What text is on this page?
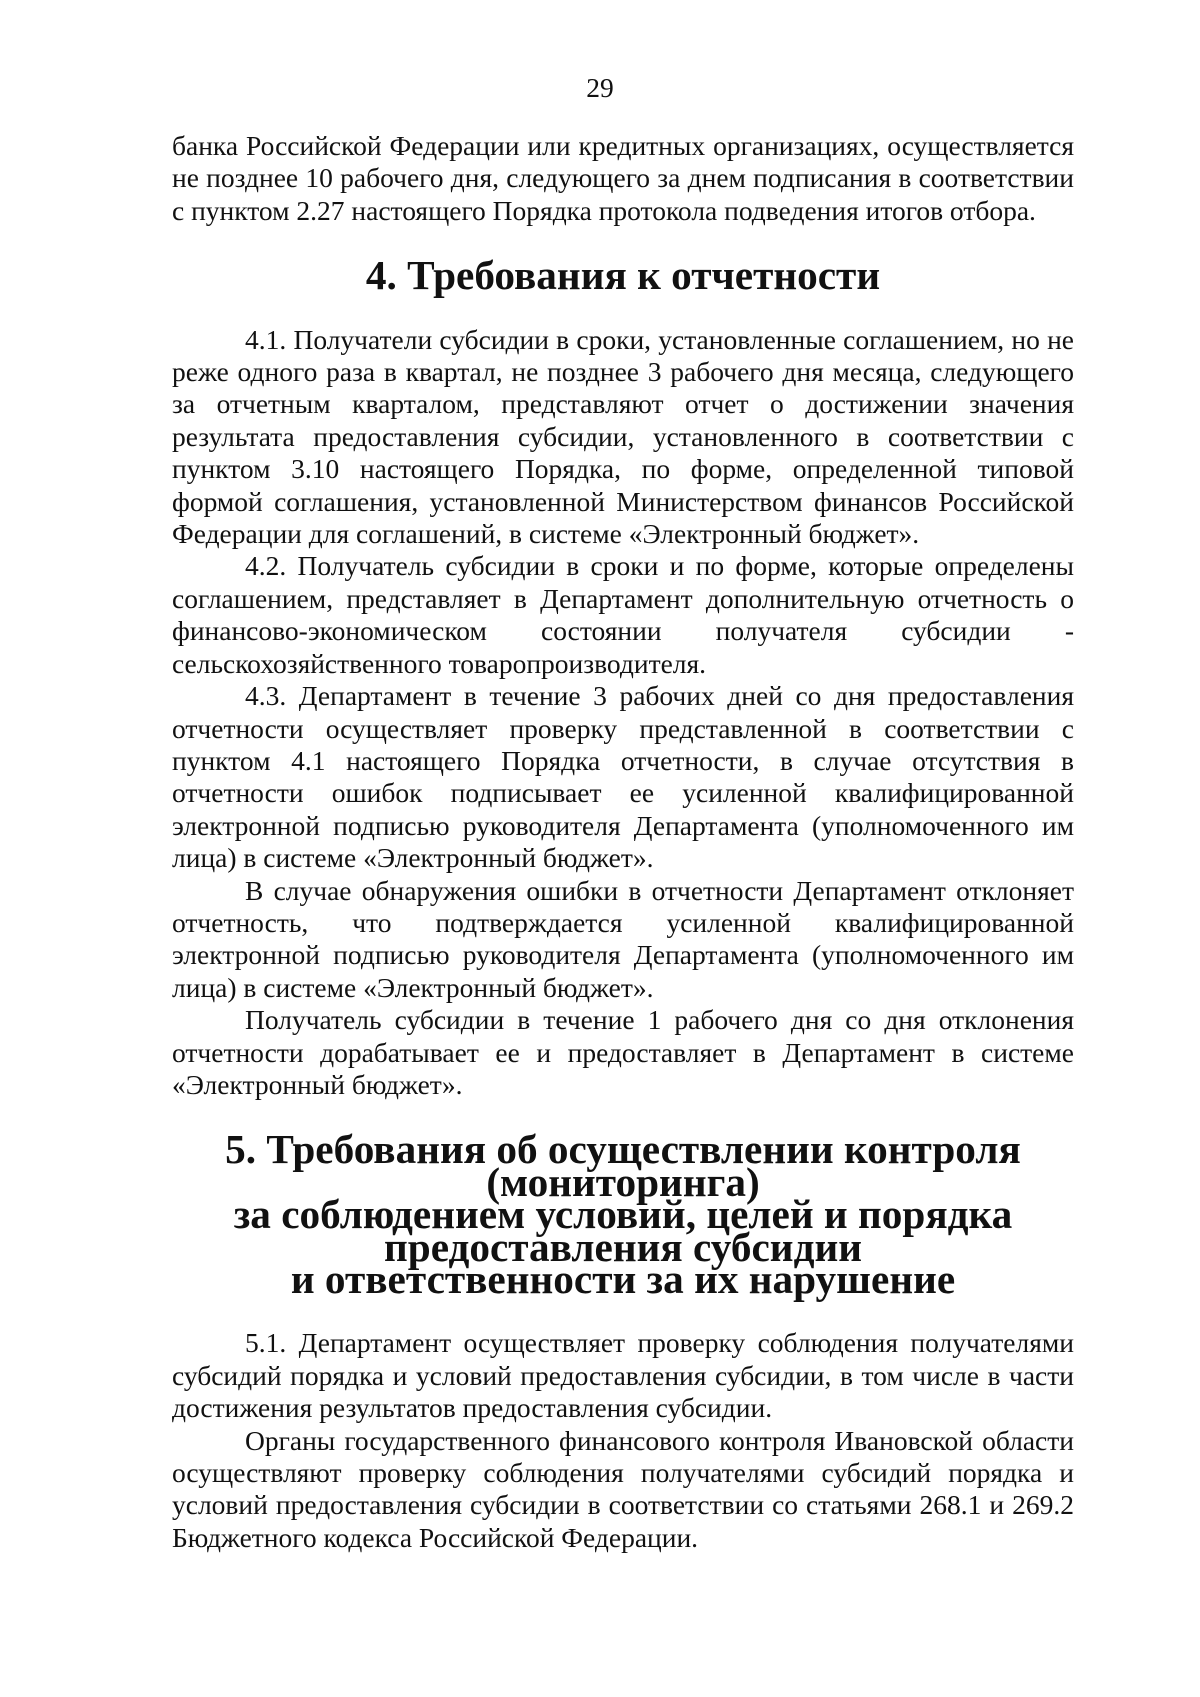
29

банка Российской Федерации или кредитных организациях, осуществляется не позднее 10 рабочего дня, следующего за днем подписания в соответствии с пунктом 2.27 настоящего Порядка протокола подведения итогов отбора.

4. Требования к отчетности

4.1. Получатели субсидии в сроки, установленные соглашением, но не реже одного раза в квартал, не позднее 3 рабочего дня месяца, следующего за отчетным кварталом, представляют отчет о достижении значения результата предоставления субсидии, установленного в соответствии с пунктом 3.10 настоящего Порядка, по форме, определенной типовой формой соглашения, установленной Министерством финансов Российской Федерации для соглашений, в системе «Электронный бюджет».

4.2. Получатель субсидии в сроки и по форме, которые определены соглашением, представляет в Департамент дополнительную отчетность о финансово-экономическом состоянии получателя субсидии - сельскохозяйственного товаропроизводителя.

4.3. Департамент в течение 3 рабочих дней со дня предоставления отчетности осуществляет проверку представленной в соответствии с пунктом 4.1 настоящего Порядка отчетности, в случае отсутствия в отчетности ошибок подписывает ее усиленной квалифицированной электронной подписью руководителя Департамента (уполномоченного им лица) в системе «Электронный бюджет».

В случае обнаружения ошибки в отчетности Департамент отклоняет отчетность, что подтверждается усиленной квалифицированной электронной подписью руководителя Департамента (уполномоченного им лица) в системе «Электронный бюджет».

Получатель субсидии в течение 1 рабочего дня со дня отклонения отчетности дорабатывает ее и предоставляет в Департамент в системе «Электронный бюджет».

5. Требования об осуществлении контроля (мониторинга)
за соблюдением условий, целей и порядка предоставления субсидии
и ответственности за их нарушение

5.1. Департамент осуществляет проверку соблюдения получателями субсидий порядка и условий предоставления субсидии, в том числе в части достижения результатов предоставления субсидии.

Органы государственного финансового контроля Ивановской области осуществляют проверку соблюдения получателями субсидий порядка и условий предоставления субсидии в соответствии со статьями 268.1 и 269.2 Бюджетного кодекса Российской Федерации.
